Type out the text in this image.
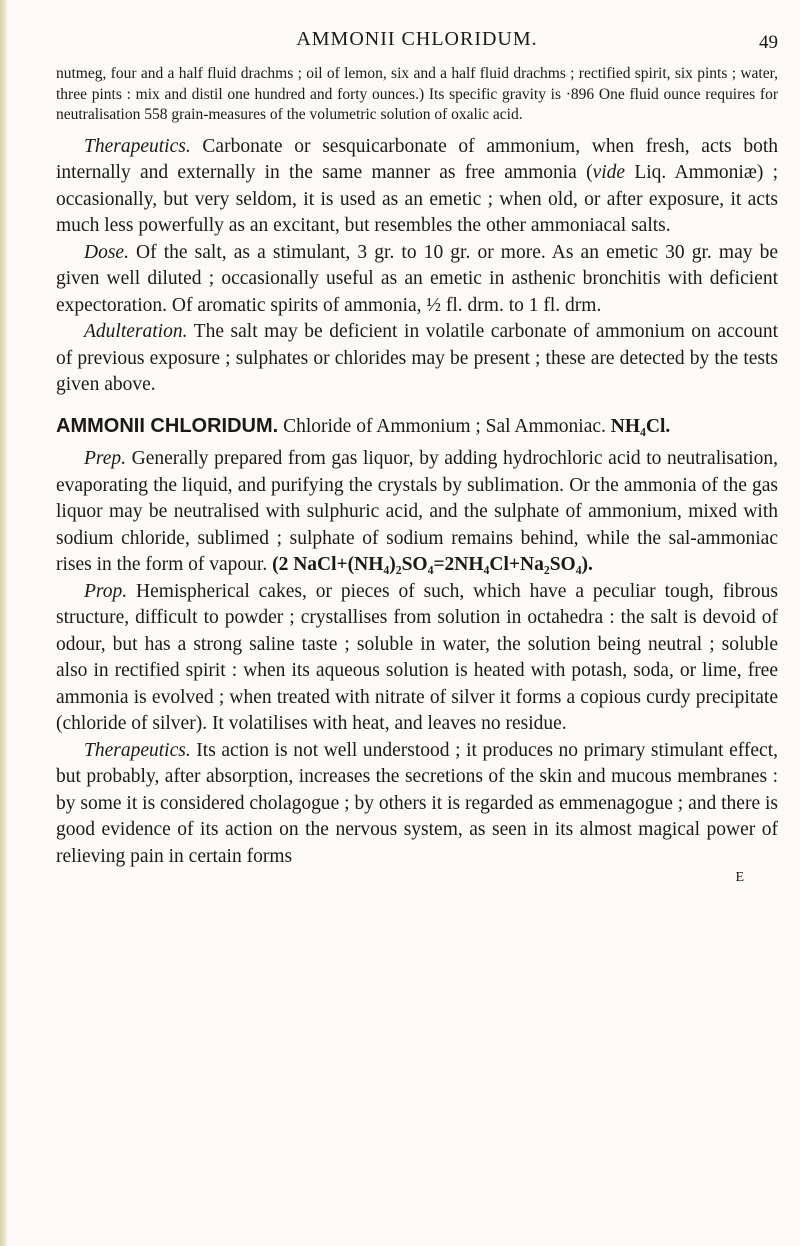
AMMONII CHLORIDUM.	49

nutmeg, four and a half fluid drachms ; oil of lemon, six and a half fluid drachms ; rectified spirit, six pints ; water, three pints : mix and distil one hundred and forty ounces.) Its specific gravity is ·896 One fluid ounce requires for neutralisation 558 grain-measures of the volumetric solution of oxalic acid.

Therapeutics. Carbonate or sesquicarbonate of ammonium, when fresh, acts both internally and externally in the same manner as free ammonia (vide Liq. Ammoniæ) ; occasionally, but very seldom, it is used as an emetic ; when old, or after exposure, it acts much less powerfully as an excitant, but resembles the other ammoniacal salts.

Dose. Of the salt, as a stimulant, 3 gr. to 10 gr. or more. As an emetic 30 gr. may be given well diluted ; occasionally useful as an emetic in asthenic bronchitis with deficient expectoration. Of aromatic spirits of ammonia, ½ fl. drm. to 1 fl. drm.

Adulteration. The salt may be deficient in volatile carbonate of ammonium on account of previous exposure ; sulphates or chlorides may be present ; these are detected by the tests given above.

AMMONII CHLORIDUM. Chloride of Ammonium ; Sal Ammoniac. NH₄Cl.

Prep. Generally prepared from gas liquor, by adding hydrochloric acid to neutralisation, evaporating the liquid, and purifying the crystals by sublimation. Or the ammonia of the gas liquor may be neutralised with sulphuric acid, and the sulphate of ammonium, mixed with sodium chloride, sublimed ; sulphate of sodium remains behind, while the sal-ammoniac rises in the form of vapour. (2 NaCl+(NH₄)₂SO₄=2NH₄Cl+Na₂SO₄).

Prop. Hemispherical cakes, or pieces of such, which have a peculiar tough, fibrous structure, difficult to powder ; crystallises from solution in octahedra : the salt is devoid of odour, but has a strong saline taste ; soluble in water, the solution being neutral ; soluble also in rectified spirit : when its aqueous solution is heated with potash, soda, or lime, free ammonia is evolved ; when treated with nitrate of silver it forms a copious curdy precipitate (chloride of silver). It volatilises with heat, and leaves no residue.

Therapeutics. Its action is not well understood ; it produces no primary stimulant effect, but probably, after absorption, increases the secretions of the skin and mucous membranes : by some it is considered cholagogue ; by others it is regarded as emmenagogue ; and there is good evidence of its action on the nervous system, as seen in its almost magical power of relieving pain in certain forms

E
